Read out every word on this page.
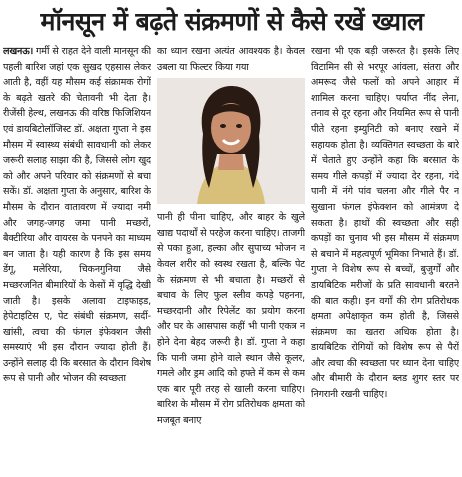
मॉनसून में बढ़ते संक्रमणों से कैसे रखें ख्याल

लखनऊ। गर्मी से राहत देने वाली मानसून की पहली बारिश जहां एक सुखद एहसास लेकर आती है, वहीं यह मौसम कई संक्रामक रोगों के बढ़ते खतरे की चेतावनी भी देता है। रीजेंसी हेल्थ, लखनऊ की वरिष्ठ फिजिशियन एवं डायबिटोलॉजिस्ट डॉ. अक्षता गुप्ता ने इस मौसम में स्वास्थ्य संबंधी सावधानी को लेकर जरूरी सलाह साझा की है, जिससे लोग खुद को और अपने परिवार को संक्रमणों से बचा सकें। डॉ. अक्षता गुप्ता के अनुसार, बारिश के मौसम के दौरान वातावरण में ज्यादा नमी और जगह-जगह जमा पानी मच्छरों, बैक्टीरिया और वायरस के पनपने का माध्यम बन जाता है। यही कारण है कि इस समय डेंगू, मलेरिया, चिकनगुनिया जैसे मच्छरजनित बीमारियों के केसों में वृद्धि देखी जाती है। इसके अलावा टाइफाइड, हेपेटाइटिस ए, पेट संबंधी संक्रमण, सर्दी-खांसी, त्वचा की फंगल इंफेक्शन जैसी समस्याएं भी इस दौरान ज्यादा होती हैं। उन्होंने सलाह दी कि बरसात के दौरान विशेष रूप से पानी और भोजन की स्वच्छता

का ध्यान रखना अत्यंत आवश्यक है। केवल उबला या फिल्टर किया गया

पानी ही पीना चाहिए, और बाहर के खुले खाद्य पदार्थों से परहेज करना चाहिए। ताजगी से पका हुआ, हल्का और सुपाच्य भोजन न केवल शरीर को स्वस्थ रखता है, बल्कि पेट के संक्रमण से भी बचाता है। मच्छरों से बचाव के लिए फुल स्लीव कपड़े पहनना, मच्छरदानी और रिपेलेंट का प्रयोग करना और घर के आसपास कहीं भी पानी एकत्र न होने देना बेहद जरूरी है। डॉ. गुप्ता ने कहा कि पानी जमा होने वाले स्थान जैसे कूलर, गमले और ड्रम आदि को हफ्ते में कम से कम एक बार पूरी तरह से खाली करना चाहिए। बारिश के मौसम में रोग प्रतिरोधक क्षमता को मजबूत बनाए

रखना भी एक बड़ी जरूरत है। इसके लिए विटामिन सी से भरपूर आंवला, संतरा और अमरूद जैसे फलों को अपने आहार में शामिल करना चाहिए। पर्याप्त नींद लेना, तनाव से दूर रहना और नियमित रूप से पानी पीते रहना इम्युनिटी को बनाए रखने में सहायक होता है। व्यक्तिगत स्वच्छता के बारे में चेताते हुए उन्होंने कहा कि बरसात के समय गीले कपड़ों में ज्यादा देर रहना, गंदे पानी में नंगे पांव चलना और गीले पैर न सुखाना फंगल इंफेक्शन को आमंत्रण दे सकता है। हाथों की स्वच्छता और सही कपड़ों का चुनाव भी इस मौसम में संक्रमण से बचाने में महत्वपूर्ण भूमिका निभाते हैं। डॉ. गुप्ता ने विशेष रूप से बच्चों, बुजुर्गों और डायबिटिक मरीजों के प्रति सावधानी बरतने की बात कही। इन वर्गों की रोग प्रतिरोधक क्षमता अपेक्षाकृत कम होती है, जिससे संक्रमण का खतरा अधिक होता है। डायबिटिक रोगियों को विशेष रूप से पैरों और त्वचा की स्वच्छता पर ध्यान देना चाहिए और बीमारी के दौरान ब्लड शुगर स्तर पर निगरानी रखनी चाहिए।
